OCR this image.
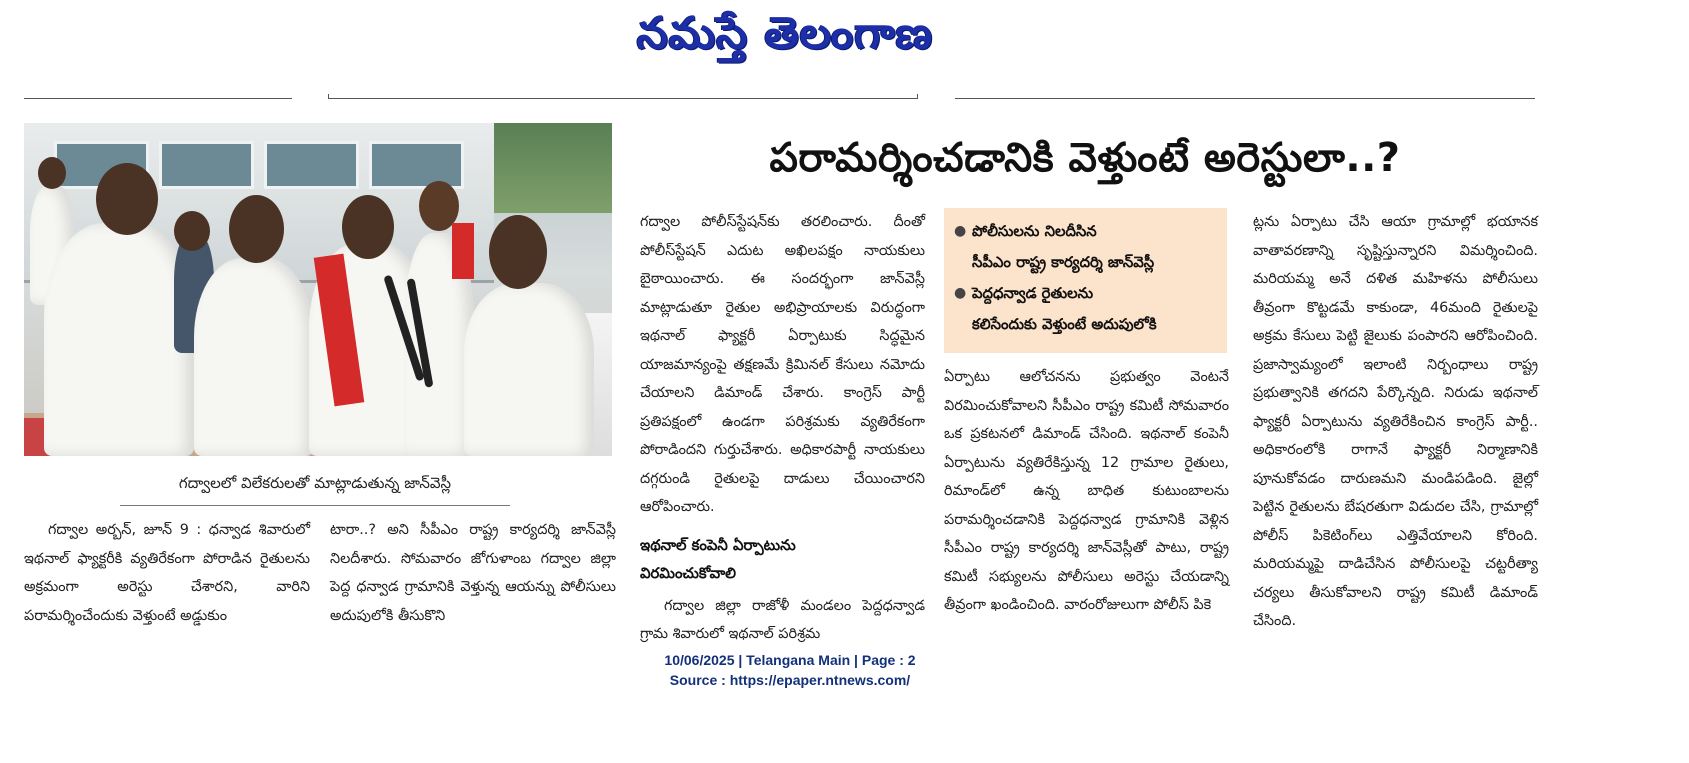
నమస్తే తెలంగాణ
గద్వాలలో విలేకరులతో మాట్లాడుతున్న జాన్‌వెస్లీ
పరామర్శించడానికి వెళ్తుంటే అరెస్టులా..?

గద్వాల అర్బన్, జూన్ 9 : ధన్వాడ శివారులో ఇథనాల్ ఫ్యాక్టరీకి వ్యతిరేకంగా పోరాడిన రైతులను అక్రమంగా అరెస్టు చేశారని, వారిని పరామర్శించేందుకు వెళ్తుంటే అడ్డుకుం

టారా..? అని సీపీఎం రాష్ట్ర కార్యదర్శి జాన్‌వెస్లీ నిలదీశారు. సోమవారం జోగుళాంబ గద్వాల జిల్లా పెద్ద ధన్వాడ గ్రామానికి వెళ్తున్న ఆయన్ను పోలీసులు అదుపులోకి తీసుకొని

గద్వాల పోలీస్‌స్టేషన్‌కు తరలించారు. దీంతో పోలీస్‌స్టేషన్ ఎదుట అఖిలపక్షం నాయకులు బైఠాయించారు. ఈ సందర్భంగా జాన్‌వెస్లీ మాట్లాడుతూ రైతుల అభిప్రాయాలకు విరుద్ధంగా ఇథనాల్ ఫ్యాక్టరీ ఏర్పాటుకు సిద్ధమైన యాజమాన్యంపై తక్షణమే క్రిమినల్ కేసులు నమోదు చేయాలని డిమాండ్ చేశారు. కాంగ్రెస్ పార్టీ ప్రతిపక్షంలో ఉండగా పరిశ్రమకు వ్యతిరేకంగా పోరాడిందని గుర్తుచేశారు. అధికారపార్టీ నాయకులు దగ్గరుండి రైతులపై దాడులు చేయించారని ఆరోపించారు.

ఇథనాల్ కంపెనీ ఏర్పాటును
విరమించుకోవాలి

గద్వాల జిల్లా రాజోళీ మండలం పెద్దధన్వాడ గ్రామ శివారులో ఇథనాల్ పరిశ్రమ

● పోలీసులను నిలదీసిన
సీపీఎం రాష్ట్ర కార్యదర్శి జాన్‌వెస్లీ
● పెద్దధన్వాడ రైతులను
కలిసేందుకు వెళ్తుంటే అదుపులోకి

ఏర్పాటు ఆలోచనను ప్రభుత్వం వెంటనే విరమించుకోవాలని సీపీఎం రాష్ట్ర కమిటీ సోమవారం ఒక ప్రకటనలో డిమాండ్ చేసింది. ఇథనాల్ కంపెనీ ఏర్పాటును వ్యతిరేకిస్తున్న 12 గ్రామాల రైతులు, రిమాండ్‌లో ఉన్న బాధిత కుటుంబాలను పరామర్శించడానికి పెద్దధన్వాడ గ్రామానికి వెళ్లిన సీపీఎం రాష్ట్ర కార్యదర్శి జాన్‌వెస్లీతో పాటు, రాష్ట్ర కమిటీ సభ్యులను పోలీసులు అరెస్టు చేయడాన్ని తీవ్రంగా ఖండించింది. వారంరోజులుగా పోలీస్ పికె

ట్లను ఏర్పాటు చేసి ఆయా గ్రామాల్లో భయానక వాతావరణాన్ని సృష్టిస్తున్నారని విమర్శించింది. మరియమ్మ అనే దళిత మహిళను పోలీసులు తీవ్రంగా కొట్టడమే కాకుండా, 46మంది రైతులపై అక్రమ కేసులు పెట్టి జైలుకు పంపారని ఆరోపించింది. ప్రజాస్వామ్యంలో ఇలాంటి నిర్బంధాలు రాష్ట్ర ప్రభుత్వానికి తగదని పేర్కొన్నది. నిరుడు ఇథనాల్ ఫ్యాక్టరీ ఏర్పాటును వ్యతిరేకించిన కాంగ్రెస్ పార్టీ.. అధికారంలోకి రాగానే ఫ్యాక్టరీ నిర్మాణానికి పూనుకోవడం దారుణమని మండిపడింది. జైల్లో పెట్టిన రైతులను బేషరతుగా విడుదల చేసి, గ్రామాల్లో పోలీస్ పికెటింగ్‌లు ఎత్తివేయాలని కోరింది. మరియమ్మపై దాడిచేసిన పోలీసులపై చట్టరీత్యా చర్యలు తీసుకోవాలని రాష్ట్ర కమిటీ డిమాండ్ చేసింది.

10/06/2025 | Telangana Main | Page : 2
Source : https://epaper.ntnews.com/
